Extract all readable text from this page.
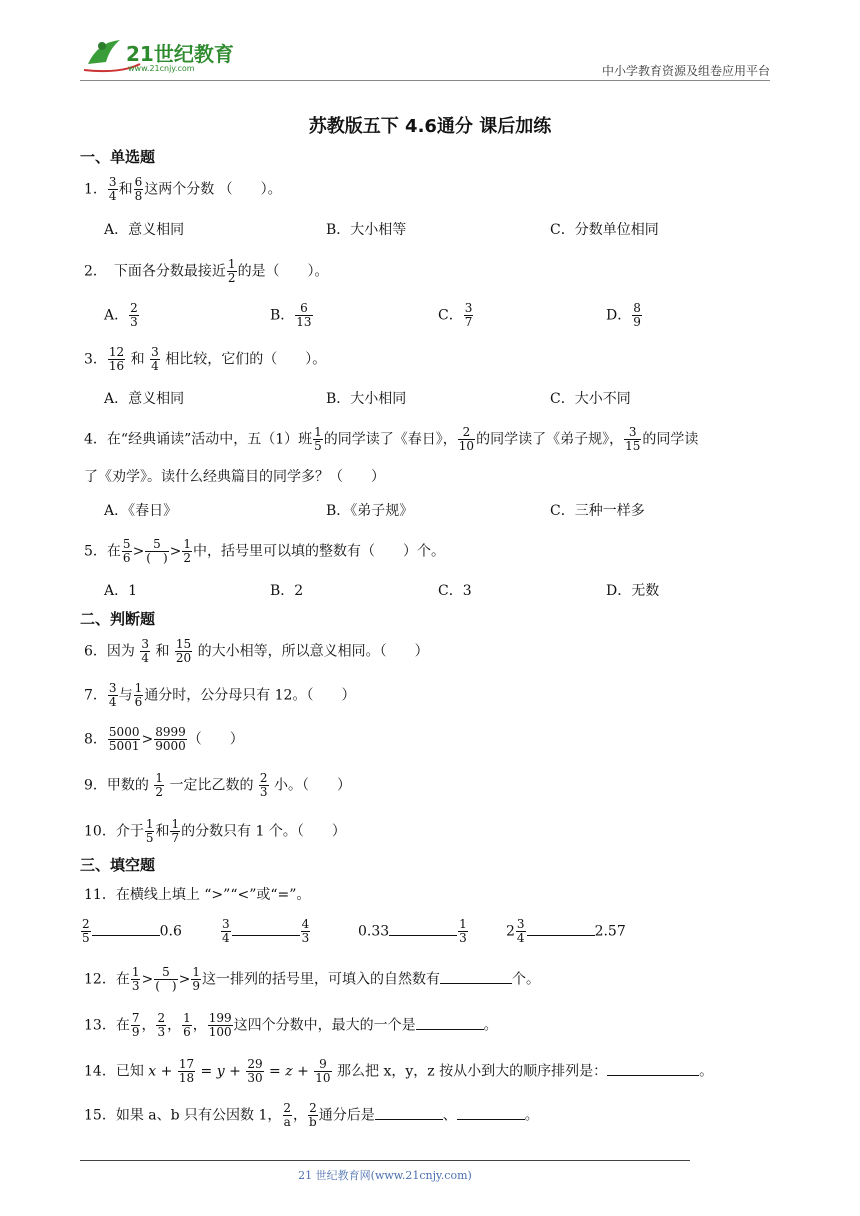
21世纪教育
www.21cnjy.com	中小学教育资源及组卷应用平台
苏教版五下 4.6通分 课后加练
一、单选题
1． $\frac{3}{4}$ 和 $\frac{6}{8}$ 这两个分数 （　　）。
A．意义相同	B．大小相等	C．分数单位相同
2．　下面各分数最接近 $\frac{1}{2}$ 的是（　　）。
A． $\frac{2}{3}$	B． $\frac{6}{13}$	C． $\frac{3}{7}$	D． $\frac{8}{9}$
3． $\frac{12}{16}$ 和 $\frac{3}{4}$ 相比较，它们的（　　）。
A．意义相同	B．大小相同	C．大小不同
4．在“经典诵读”活动中，五（1）班 $\frac{1}{5}$ 的同学读了《春日》， $\frac{2}{10}$ 的同学读了《弟子规》， $\frac{3}{15}$ 的同学读
了《劝学》。读什么经典篇目的同学多？（　　）
A．《春日》	B．《弟子规》	C．三种一样多
5．在 $\frac{5}{6} > 5$
(　) > $\frac{1}{2}$ 中，括号里可以填的整数有（　　）个。
A．1	B．2	C．3	D．无数
二、判断题
6．因为 $\frac{3}{4}$ 和 $\frac{15}{20}$ 的大小相等，所以意义相同。（　　）
7． $\frac{3}{4}$ 与 $\frac{1}{6}$ 通分时，公分母只有 12。（　　）
8． $\frac{5000}{5001} > \frac{8999}{9000}$ （　　）
9．甲数的 $\frac{1}{2}$ 一定比乙数的 $\frac{2}{3}$ 小。（　　）
10．介于 $\frac{1}{5}$ 和 $\frac{1}{7}$ 的分数只有 1 个。（　　）
三、填空题
11．在横线上填上 “>”“<”或“=”。
$\frac{2}{5}$	0.6	$\frac{3}{4}$	$\frac{4}{3}$	0.33	$\frac{1}{3}$	$2 \frac{3}{4}$	2.57
12．在 $\frac{1}{3} > 5$
(　) > $\frac{1}{9}$ 这一排列的括号里，可填入的自然数有	个。
13．在 $\frac{7}{9}$ ， $\frac{2}{3}$ ， $\frac{1}{6}$ ， $\frac{199}{100}$ 这四个分数中，最大的一个是	。
14．已知 $x + \frac{17}{18} = y + \frac{29}{30} = z + \frac{9}{10}$ 那么把 x，y，z 按从小到大的顺序排列是：	。
15．如果 a、b 只有公因数 1， $\frac{2}{a}$ ， $\frac{2}{b}$ 通分后是	、	。
21 世纪教育网(www.21cnjy.com)
